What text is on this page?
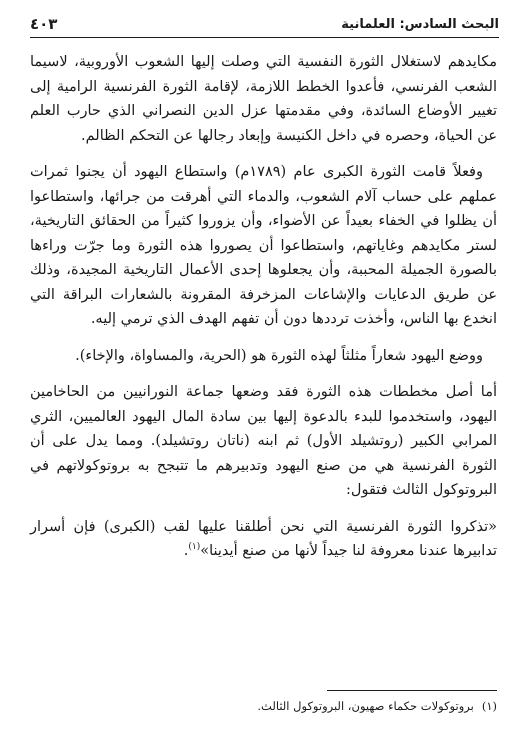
البحث السادس: العلمانية
٤٠٣

مكايدهم لاستغلال الثورة النفسية التي وصلت إليها الشعوب الأوروبية، لاسيما الشعب الفرنسي، فأعدوا الخطط اللازمة، لإقامة الثورة الفرنسية الرامية إلى تغيير الأوضاع السائدة، وفي مقدمتها عزل الدين النصراني الذي حارب العلم عن الحياة، وحصره في داخل الكنيسة وإبعاد رجالها عن التحكم الظالم.

وفعلاً قامت الثورة الكبرى عام (١٧٨٩م) واستطاع اليهود أن يجنوا ثمرات عملهم على حساب آلام الشعوب، والدماء التي أهرقت من جرائها، واستطاعوا أن يظلوا في الخفاء بعيداً عن الأضواء، وأن يزوروا كثيراً من الحقائق التاريخية، لستر مكايدهم وغاياتهم، واستطاعوا أن يصوروا هذه الثورة وما جرّت وراءها بالصورة الجميلة المحببة، وأن يجعلوها إحدى الأعمال التاريخية المجيدة، وذلك عن طريق الدعايات والإشاعات المزخرفة المقرونة بالشعارات البراقة التي انخدع بها الناس، وأخذت ترددها دون أن تفهم الهدف الذي ترمي إليه.

ووضع اليهود شعاراً مثلثاً لهذه الثورة هو (الحرية، والمساواة، والإخاء).

أما أصل مخططات هذه الثورة فقد وضعها جماعة النورانيين من الحاخامين اليهود، واستخدموا للبدء بالدعوة إليها بين سادة المال اليهود العالميين، الثري المرابي الكبير (روتشيلد الأول) ثم ابنه (ناتان روتشيلد). ومما يدل على أن الثورة الفرنسية هي من صنع اليهود وتدبيرهم ما تتبجح به بروتوكولاتهم في البروتوكول الثالث فتقول:

«تذكروا الثورة الفرنسية التي نحن أطلقنا عليها لقب (الكبرى) فإن أسرار تدابيرها عندنا معروفة لنا جيداً لأنها من صنع أيدينا»$^{(١)}$.

(١)بروتوكولات حكماء صهيون، البروتوكول الثالث.
